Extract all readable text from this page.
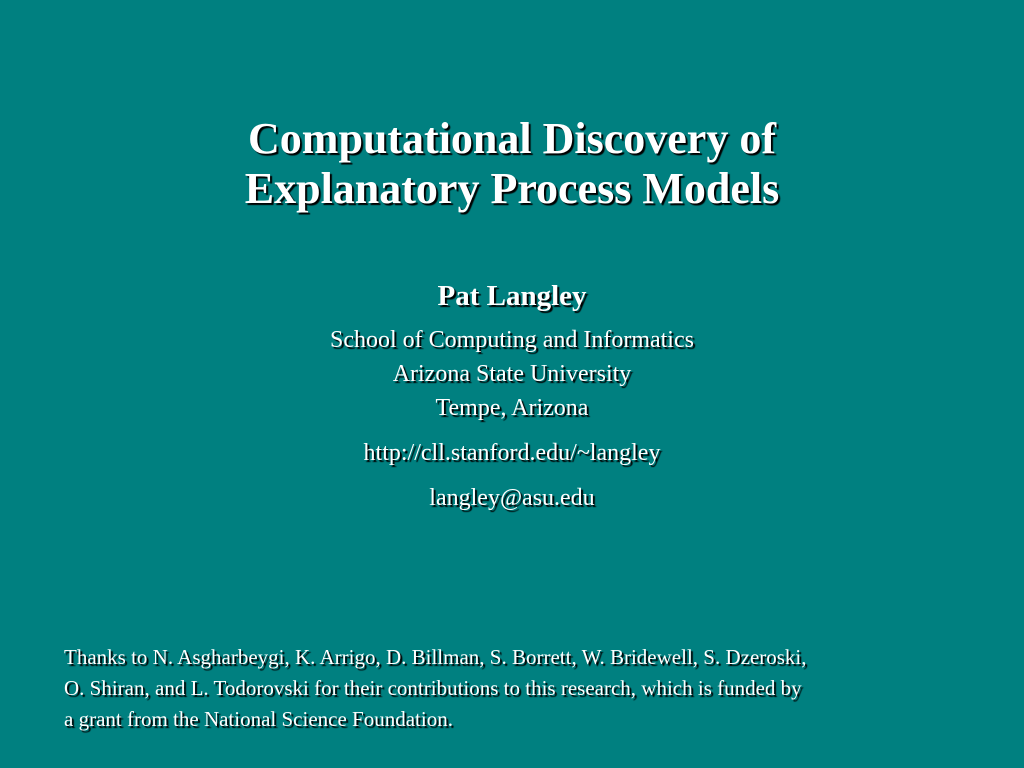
Computational Discovery of
Explanatory Process Models
Pat Langley
School of Computing and Informatics
Arizona State University
Tempe, Arizona
http://cll.stanford.edu/~langley
langley@asu.edu
Thanks to N. Asgharbeygi, K. Arrigo, D. Billman, S. Borrett, W. Bridewell, S. Dzeroski,
O. Shiran, and L. Todorovski for their contributions to this research, which is funded by
a grant from the National Science Foundation.
